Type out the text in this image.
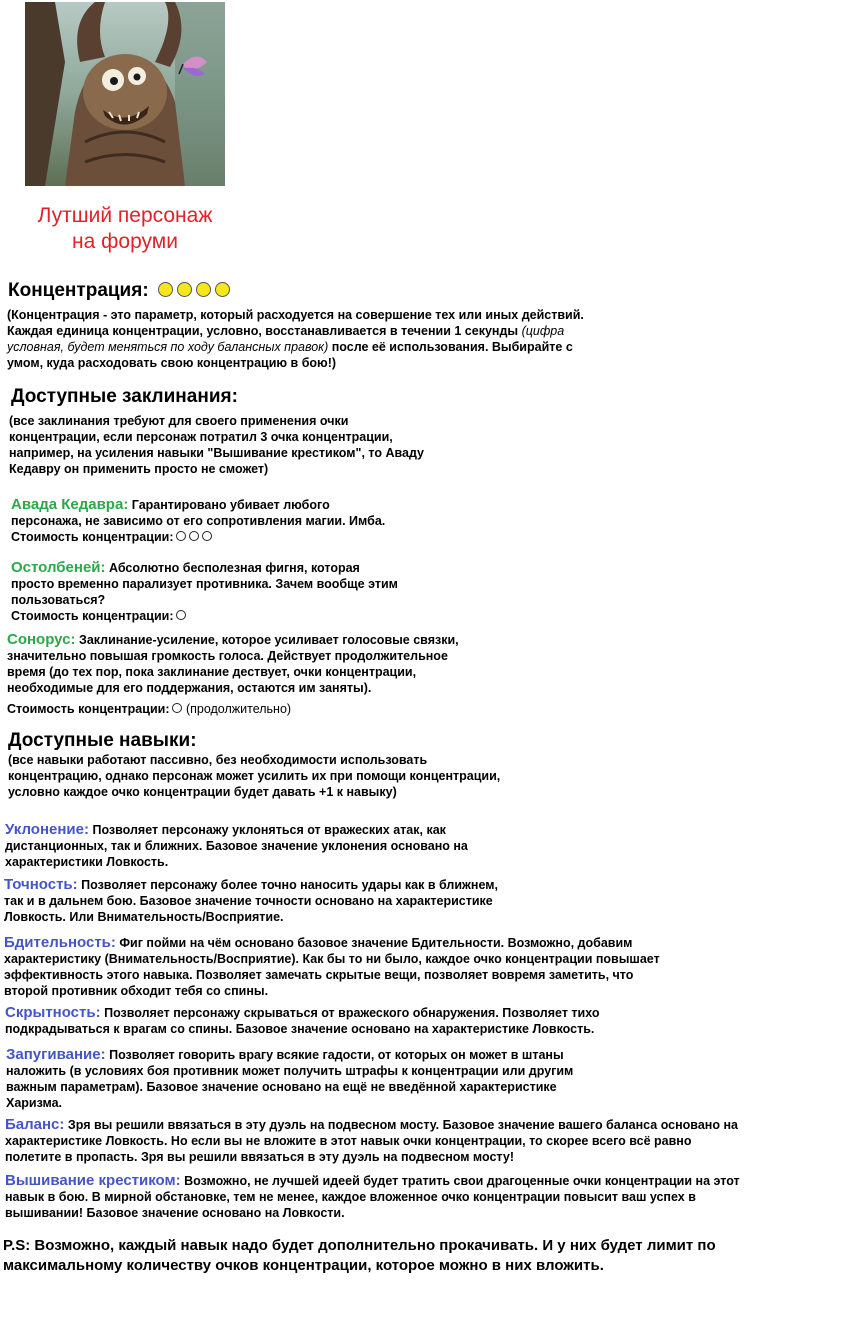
Лутший персонаж
на форуми
Концентрация:
(Концентрация - это параметр, который расходуется на совершение тех или иных действий.
Каждая единица концентрации, условно, восстанавливается в течении 1 секунды (цифра
условная, будет меняться по ходу балансных правок) после её использования. Выбирайте с
умом, куда расходовать свою концентрацию в бою!)
Доступные заклинания:
(все заклинания требуют для своего применения очки
концентрации, если персонаж потратил 3 очка концентрации,
например, на усиления навыки "Вышивание крестиком", то Аваду
Кедавру он применить просто не сможет)
Авада Кедавра: Гарантировано убивает любого
персонажа, не зависимо от его сопротивления магии. Имба.
Стоимость концентрации:
Остолбеней: Абсолютно бесполезная фигня, которая
просто временно парализует противника. Зачем вообще этим
пользоваться?
Стоимость концентрации:
Сонорус: Заклинание-усиление, которое усиливает голосовые связки,
значительно повышая громкость голоса. Действует продолжительное
время (до тех пор, пока заклинание дествует, очки концентрации,
необходимые для его поддержания, остаются им заняты).
Стоимость концентрации: (продолжительно)
Доступные навыки:
(все навыки работают пассивно, без необходимости использовать
концентрацию, однако персонаж может усилить их при помощи концентрации,
условно каждое очко концентрации будет давать +1 к навыку)
Уклонение: Позволяет персонажу уклоняться от вражеских атак, как
дистанционных, так и ближних. Базовое значение уклонения основано на
характеристики Ловкость.
Точность: Позволяет персонажу более точно наносить удары как в ближнем,
так и в дальнем бою. Базовое значение точности основано на характеристике
Ловкость. Или Внимательность/Восприятие.
Бдительность: Фиг пойми на чём основано базовое значение Бдительности. Возможно, добавим
характеристику (Внимательность/Восприятие). Как бы то ни было, каждое очко концентрации повышает
эффективность этого навыка. Позволяет замечать скрытые вещи, позволяет вовремя заметить, что
второй противник обходит тебя со спины.
Скрытность: Позволяет персонажу скрываться от вражеского обнаружения. Позволяет тихо
подкрадываться к врагам со спины. Базовое значение основано на характеристике Ловкость.
Запугивание: Позволяет говорить врагу всякие гадости, от которых он может в штаны
наложить (в условиях боя противник может получить штрафы к концентрации или другим
важным параметрам). Базовое значение основано на ещё не введённой характеристике
Харизма.
Баланс: Зря вы решили ввязаться в эту дуэль на подвесном мосту. Базовое значение вашего баланса основано на
характеристике Ловкость. Но если вы не вложите в этот навык очки концентрации, то скорее всего всё равно
полетите в пропасть. Зря вы решили ввязаться в эту дуэль на подвесном мосту!
Вышивание крестиком: Возможно, не лучшей идеей будет тратить свои драгоценные очки концентрации на этот
навык в бою. В мирной обстановке, тем не менее, каждое вложенное очко концентрации повысит ваш успех в
вышивании! Базовое значение основано на Ловкости.
P.S: Возможно, каждый навык надо будет дополнительно прокачивать. И у них будет лимит по
максимальному количеству очков концентрации, которое можно в них вложить.
